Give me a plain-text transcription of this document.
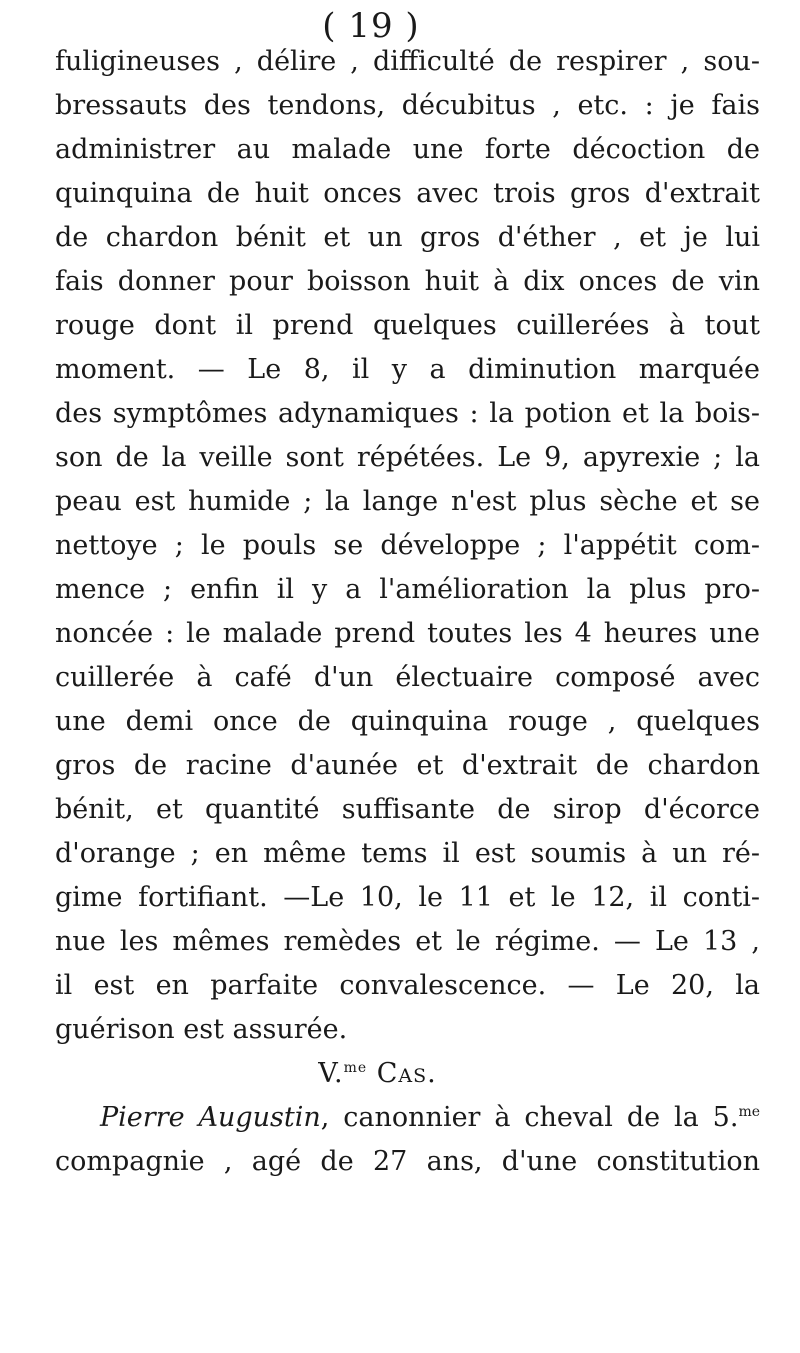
( 19 )
fuligineuses , délire , difficulté de respirer , sou-
bressauts des tendons, décubitus , etc. : je fais
administrer au malade une forte décoction de
quinquina de huit onces avec trois gros d'extrait
de chardon bénit et un gros d'éther , et je lui
fais donner pour boisson huit à dix onces de vin
rouge dont il prend quelques cuillerées à tout
moment. — Le 8, il y a diminution marquée
des symptômes adynamiques : la potion et la bois-
son de la veille sont répétées. Le 9, apyrexie ; la
peau est humide ; la lange n'est plus sèche et se
nettoye ; le pouls se développe ; l'appétit com-
mence ; enfin il y a l'amélioration la plus pro-
noncée : le malade prend toutes les 4 heures une
cuillerée à café d'un électuaire composé avec
une demi once de quinquina rouge , quelques
gros de racine d'aunée et d'extrait de chardon
bénit, et quantité suffisante de sirop d'écorce
d'orange ; en même tems il est soumis à un ré-
gime fortifiant. —Le 10, le 11 et le 12, il conti-
nue les mêmes remèdes et le régime. — Le 13 ,
il est en parfaite convalescence. — Le 20, la
guérison est assurée.
V.$^{me}$ Cas.
Pierre Augustin, canonnier à cheval de la 5.$^{me}$
compagnie , agé de 27 ans, d'une constitution
